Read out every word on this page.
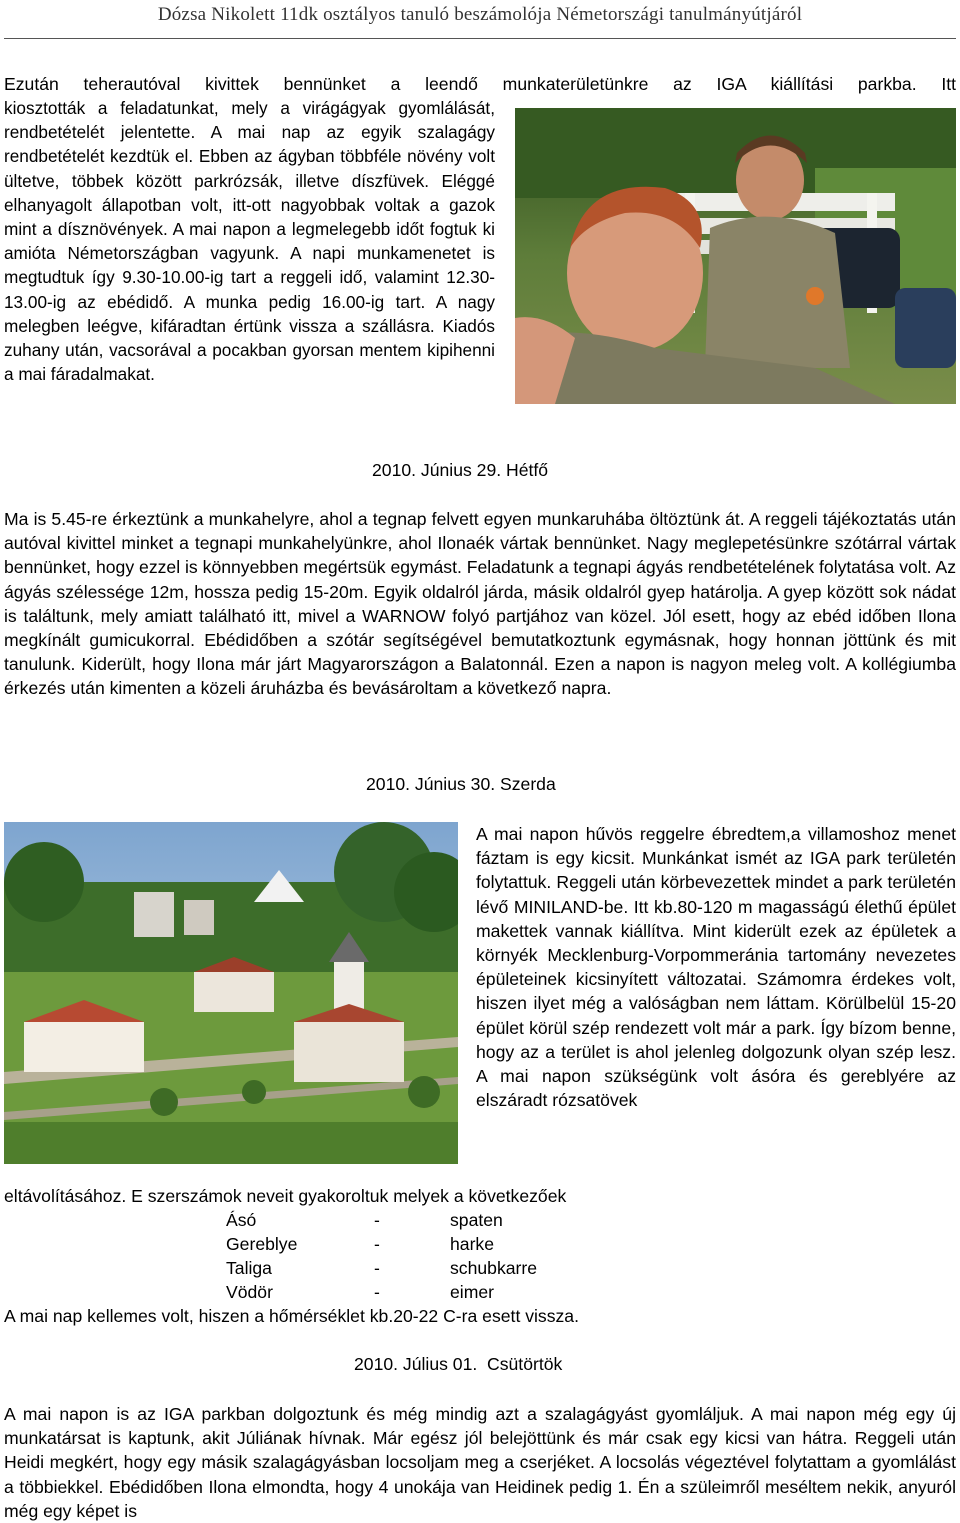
Dózsa Nikolett 11dk osztályos tanuló beszámolója Németországi tanulmányútjáról

Ezután teherautóval kivittek bennünket a leendő munkaterületünkre az IGA kiállítási parkba. Itt

kiosztották a feladatunkat, mely a virágágyak gyomlálását, rendbetételét jelentette. A mai nap az egyik szalagágy rendbetételét kezdtük el. Ebben az ágyban többféle növény volt ültetve, többek között parkrózsák, illetve díszfüvek. Eléggé elhanyagolt állapotban volt, itt-ott nagyobbak voltak a gazok mint a dísznövények. A mai napon a legmelegebb időt fogtuk ki amióta Németországban vagyunk. A napi munkamenetet is megtudtuk így 9.30-10.00-ig tart a reggeli idő, valamint 12.30-13.00-ig az ebédidő. A munka pedig 16.00-ig tart. A nagy melegben leégve, kifáradtan értünk vissza a szállásra. Kiadós zuhany után, vacsorával a pocakban gyorsan mentem kipihenni a mai fáradalmakat.

2010. Június 29. Hétfő

Ma is 5.45-re érkeztünk a munkahelyre, ahol a tegnap felvett egyen munkaruhába öltöztünk át. A reggeli tájékoztatás után autóval kivittel minket a tegnapi munkahelyünkre, ahol Ilonaék vártak bennünket. Nagy meglepetésünkre szótárral vártak bennünket, hogy ezzel is könnyebben megértsük egymást. Feladatunk a tegnapi ágyás rendbetételének folytatása volt. Az ágyás szélessége 12m, hossza pedig 15-20m. Egyik oldalról járda, másik oldalról gyep határolja. A gyep között sok nádat is találtunk, mely amiatt található itt, mivel a WARNOW folyó partjához van közel. Jól esett, hogy az ebéd időben Ilona megkínált gumicukorral. Ebédidőben a szótár segítségével bemutatkoztunk egymásnak, hogy honnan jöttünk és mit tanulunk. Kiderült, hogy Ilona már járt Magyarországon a Balatonnál. Ezen a napon is nagyon meleg volt. A kollégiumba érkezés után kimenten a közeli áruházba és bevásároltam a következő napra.

2010. Június 30. Szerda

A mai napon hűvös reggelre ébredtem,a villamoshoz menet fáztam is egy kicsit. Munkánkat ismét az IGA park területén folytattuk. Reggeli után körbevezettek mindet a park területén lévő MINILAND-be. Itt kb.80-120 m magasságú élethű épület makettek vannak kiállítva. Mint kiderült ezek az épületek a környék Mecklenburg-Vorpommeránia tartomány nevezetes épületeinek kicsinyített változatai. Számomra érdekes volt, hiszen ilyet még a valóságban nem láttam. Körülbelül 15-20 épület körül szép rendezett volt már a park. Így bízom benne, hogy az a terület is ahol jelenleg dolgozunk olyan szép lesz. A mai napon szükségünk volt ásóra és gereblyére az elszáradt rózsatövek

eltávolításához. E szerszámok neveit gyakoroltuk melyek a következőek

Ásó	-	spaten
Gereblye	-	harke
Taliga	-	schubkarre
Vödör	-	eimer

A mai nap kellemes volt, hiszen a hőmérséklet kb.20-22 C-ra esett vissza.

2010. Július 01.  Csütörtök

A mai napon is az IGA parkban dolgoztunk és még mindig azt a szalagágyást gyomláljuk. A mai napon még egy új munkatársat is kaptunk, akit Júliának hívnak. Már egész jól belejöttünk és már csak egy kicsi van hátra. Reggeli után Heidi megkért, hogy egy másik szalagágyásban locsoljam meg a cserjéket. A locsolás végeztével folytattam a gyomlálást a többiekkel. Ebédidőben Ilona elmondta, hogy 4 unokája van Heidinek pedig 1. Én a szüleimről meséltem nekik, anyuról még egy képet is
